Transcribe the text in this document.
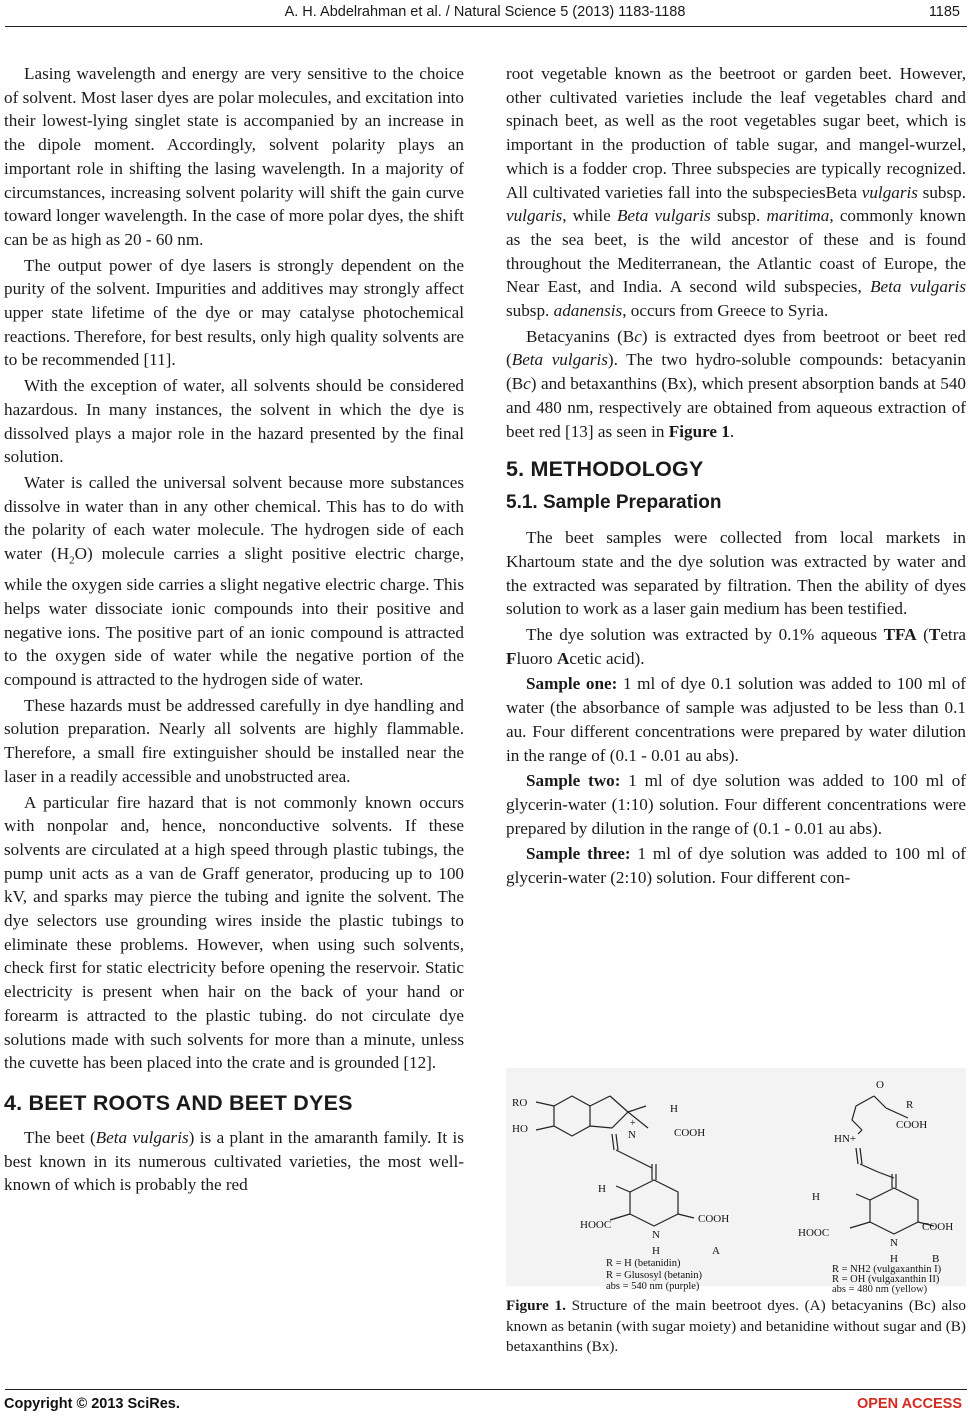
A. H. Abdelrahman et al. / Natural Science 5 (2013) 1183-1188	1185

Lasing wavelength and energy are very sensitive to the choice of solvent. Most laser dyes are polar molecules, and excitation into their lowest-lying singlet state is accompanied by an increase in the dipole moment. Accordingly, solvent polarity plays an important role in shifting the lasing wavelength. In a majority of circumstances, increasing solvent polarity will shift the gain curve toward longer wavelength. In the case of more polar dyes, the shift can be as high as 20 - 60 nm.

The output power of dye lasers is strongly dependent on the purity of the solvent. Impurities and additives may strongly affect upper state lifetime of the dye or may catalyse photochemical reactions. Therefore, for best results, only high quality solvents are to be recommended [11].

With the exception of water, all solvents should be considered hazardous. In many instances, the solvent in which the dye is dissolved plays a major role in the hazard presented by the final solution.

Water is called the universal solvent because more substances dissolve in water than in any other chemical. This has to do with the polarity of each water molecule. The hydrogen side of each water $(H_2O)$ molecule carries a slight positive electric charge, while the oxygen side carries a slight negative electric charge. This helps water dissociate ionic compounds into their positive and negative ions. The positive part of an ionic compound is attracted to the oxygen side of water while the negative portion of the compound is attracted to the hydrogen side of water.

These hazards must be addressed carefully in dye handling and solution preparation. Nearly all solvents are highly flammable. Therefore, a small fire extinguisher should be installed near the laser in a readily accessible and unobstructed area.

A particular fire hazard that is not commonly known occurs with nonpolar and, hence, nonconductive solvents. If these solvents are circulated at a high speed through plastic tubings, the pump unit acts as a van de Graff generator, producing up to 100 kV, and sparks may pierce the tubing and ignite the solvent. The dye selectors use grounding wires inside the plastic tubings to eliminate these problems. However, when using such solvents, check first for static electricity before opening the reservoir. Static electricity is present when hair on the back of your hand or forearm is attracted to the plastic tubing. do not circulate dye solutions made with such solvents for more than a minute, unless the cuvette has been placed into the crate and is grounded [12].

4. BEET ROOTS AND BEET DYES

The beet (Beta vulgaris) is a plant in the amaranth family. It is best known in its numerous cultivated varieties, the most well-known of which is probably the red

root vegetable known as the beetroot or garden beet. However, other cultivated varieties include the leaf vegetables chard and spinach beet, as well as the root vegetables sugar beet, which is important in the production of table sugar, and mangel-wurzel, which is a fodder crop. Three subspecies are typically recognized. All cultivated varieties fall into the subspeciesBeta vulgaris subsp. vulgaris, while Beta vulgaris subsp. maritima, commonly known as the sea beet, is the wild ancestor of these and is found throughout the Mediterranean, the Atlantic coast of Europe, the Near East, and India. A second wild subspecies, Beta vulgaris subsp. adanensis, occurs from Greece to Syria.

Betacyanins (Bc) is extracted dyes from beetroot or beet red (Beta vulgaris). The two hydro-soluble compounds: betacyanin (Bc) and betaxanthins (Bx), which present absorption bands at 540 and 480 nm, respectively are obtained from aqueous extraction of beet red [13] as seen in Figure 1.

5. METHODOLOGY
5.1. Sample Preparation

The beet samples were collected from local markets in Khartoum state and the dye solution was extracted by water and the extracted was separated by filtration. Then the ability of dyes solution to work as a laser gain medium has been testified.

The dye solution was extracted by 0.1% aqueous TFA (Tetra Fluoro Acetic acid).

Sample one: 1 ml of dye 0.1 solution was added to 100 ml of water (the absorbance of sample was adjusted to be less than 0.1 au. Four different concentrations were prepared by water dilution in the range of (0.1 - 0.01 au abs).

Sample two: 1 ml of dye solution was added to 100 ml of glycerin-water (1:10) solution. Four different concentrations were prepared by dilution in the range of (0.1 - 0.01 au abs).

Sample three: 1 ml of dye solution was added to 100 ml of glycerin-water (2:10) solution. Four different con-

RO
HO
H
+
N	COOH
H
N
H
COOH
HOOC
A
R = H (betanidin)
R = Glusosyl (betanin)
abs = 540 nm (purple)
O
R
COOH
HN+
H
N
H
COOH
HOOC
B
R = NH2 (vulgaxanthin I)
R = OH (vulgaxanthin II)
abs = 480 nm (yellow)
Figure 1. Structure of the main beetroot dyes. (A) betacyanins (Bc) also known as betanin (with sugar moiety) and betanidine without sugar and (B) betaxanthins (Bx).
Copyright © 2013 SciRes.	OPEN ACCESS
